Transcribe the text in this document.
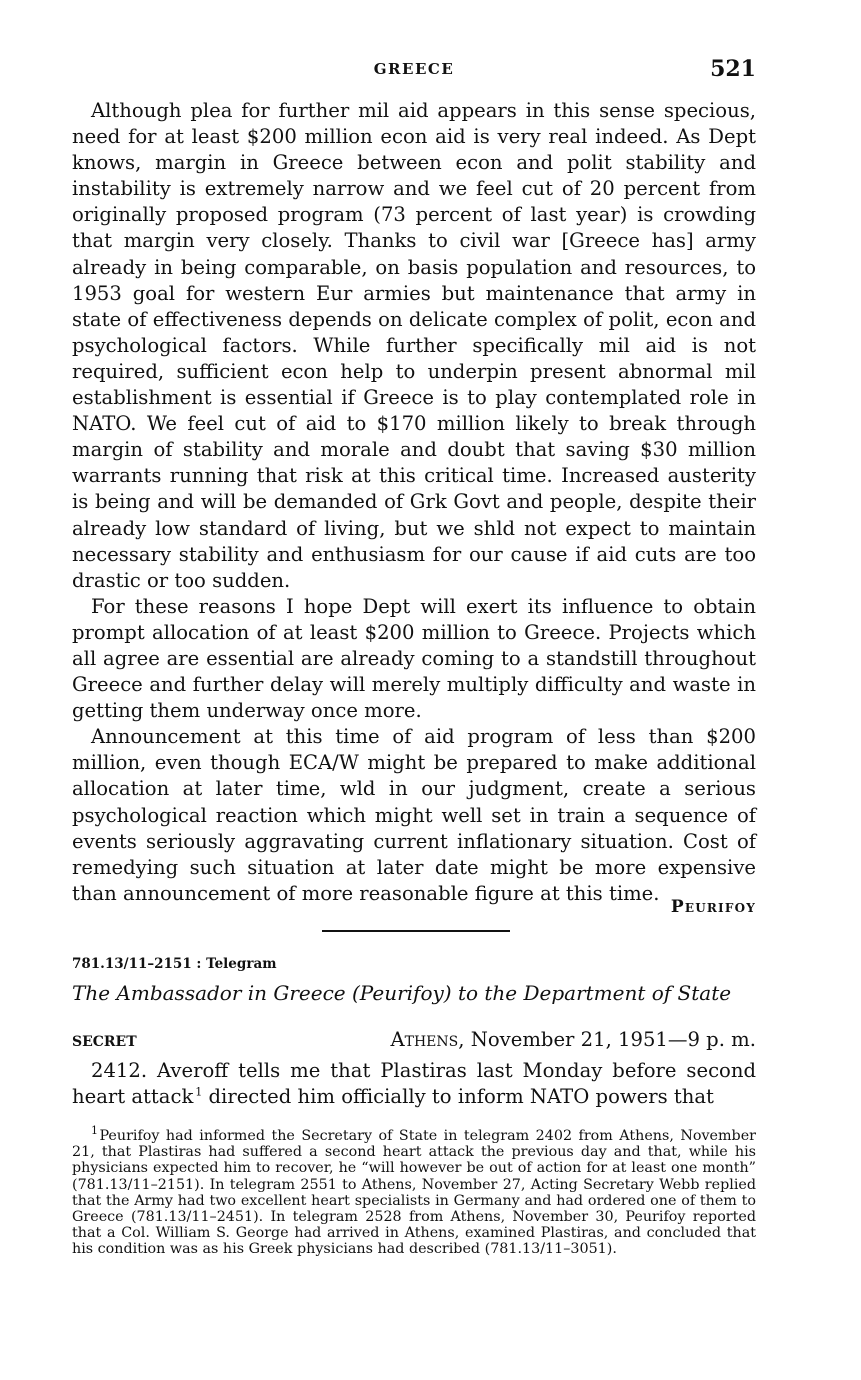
GREECE	521

Although plea for further mil aid appears in this sense specious, need for at least $200 million econ aid is very real indeed. As Dept knows, margin in Greece between econ and polit stability and instability is extremely narrow and we feel cut of 20 percent from originally proposed program (73 percent of last year) is crowding that margin very closely. Thanks to civil war [Greece has] army already in being comparable, on basis population and resources, to 1953 goal for western Eur armies but maintenance that army in state of effectiveness depends on delicate complex of polit, econ and psychological factors. While further specifically mil aid is not required, sufficient econ help to underpin present abnormal mil establishment is essential if Greece is to play contemplated role in NATO. We feel cut of aid to $170 million likely to break through margin of stability and morale and doubt that saving $30 million warrants running that risk at this critical time. Increased austerity is being and will be demanded of Grk Govt and people, despite their already low standard of living, but we shld not expect to maintain necessary stability and enthusiasm for our cause if aid cuts are too drastic or too sudden.

For these reasons I hope Dept will exert its influence to obtain prompt allocation of at least $200 million to Greece. Projects which all agree are essential are already coming to a standstill throughout Greece and further delay will merely multiply difficulty and waste in getting them underway once more.

Announcement at this time of aid program of less than $200 million, even though ECA/W might be prepared to make additional allocation at later time, wld in our judgment, create a serious psychological reaction which might well set in train a sequence of events seriously aggravating current inflationary situation. Cost of remedying such situation at later date might be more expensive than announcement of more reasonable figure at this time.

Peurifoy
781.13/11–2151 : Telegram
The Ambassador in Greece (Peurifoy) to the Department of State
SECRET	Athens, November 21, 1951—9 p. m.

2412. Averoff tells me that Plastiras last Monday before second heart attack  $^1$ directed him officially to inform NATO powers that

$^1$ Peurifoy had informed the Secretary of State in telegram 2402 from Athens, November 21, that Plastiras had suffered a second heart attack the previous day and that, while his physicians expected him to recover, he “will however be out of action for at least one month” (781.13/11–2151). In telegram 2551 to Athens, November 27, Acting Secretary Webb replied that the Army had two excellent heart specialists in Germany and had ordered one of them to Greece (781.13/11–2451). In telegram 2528 from Athens, November 30, Peurifoy reported that a Col. William S. George had arrived in Athens, examined Plastiras, and concluded that his condition was as his Greek physicians had described (781.13/11–3051).
